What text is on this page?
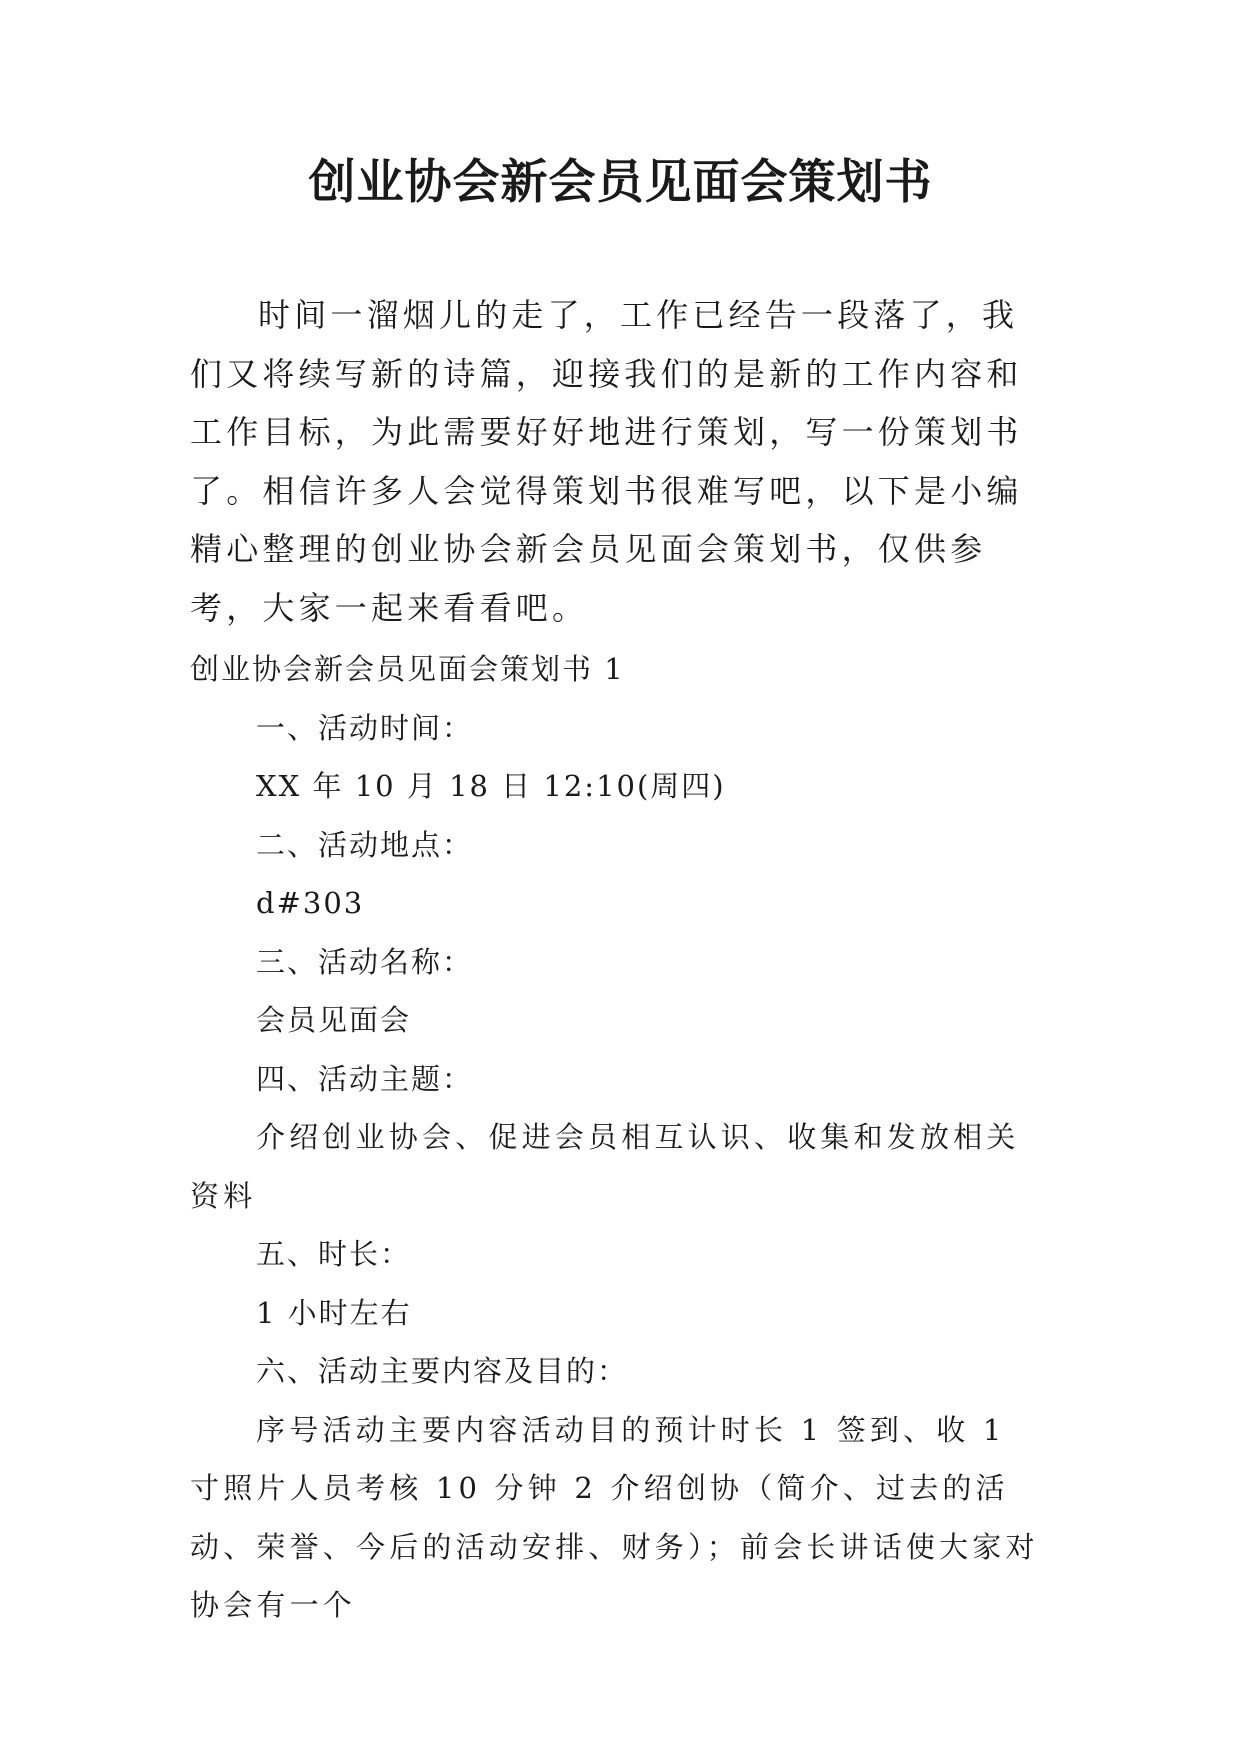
创业协会新会员见面会策划书

时间一溜烟儿的走了，工作已经告一段落了，我们又将续写新的诗篇，迎接我们的是新的工作内容和工作目标，为此需要好好地进行策划，写一份策划书了。相信许多人会觉得策划书很难写吧，以下是小编精心整理的创业协会新会员见面会策划书，仅供参考，大家一起来看看吧。

创业协会新会员见面会策划书 1

一、活动时间：

XX 年 10 月 18 日 12:10(周四)

二、活动地点：

d#303

三、活动名称：

会员见面会

四、活动主题：

介绍创业协会、促进会员相互认识、收集和发放相关资料

五、时长：

1 小时左右

六、活动主要内容及目的：

序号活动主要内容活动目的预计时长 1 签到、收 1 寸照片人员考核 10 分钟 2 介绍创协（简介、过去的活动、荣誉、今后的活动安排、财务）；前会长讲话使大家对协会有一个
